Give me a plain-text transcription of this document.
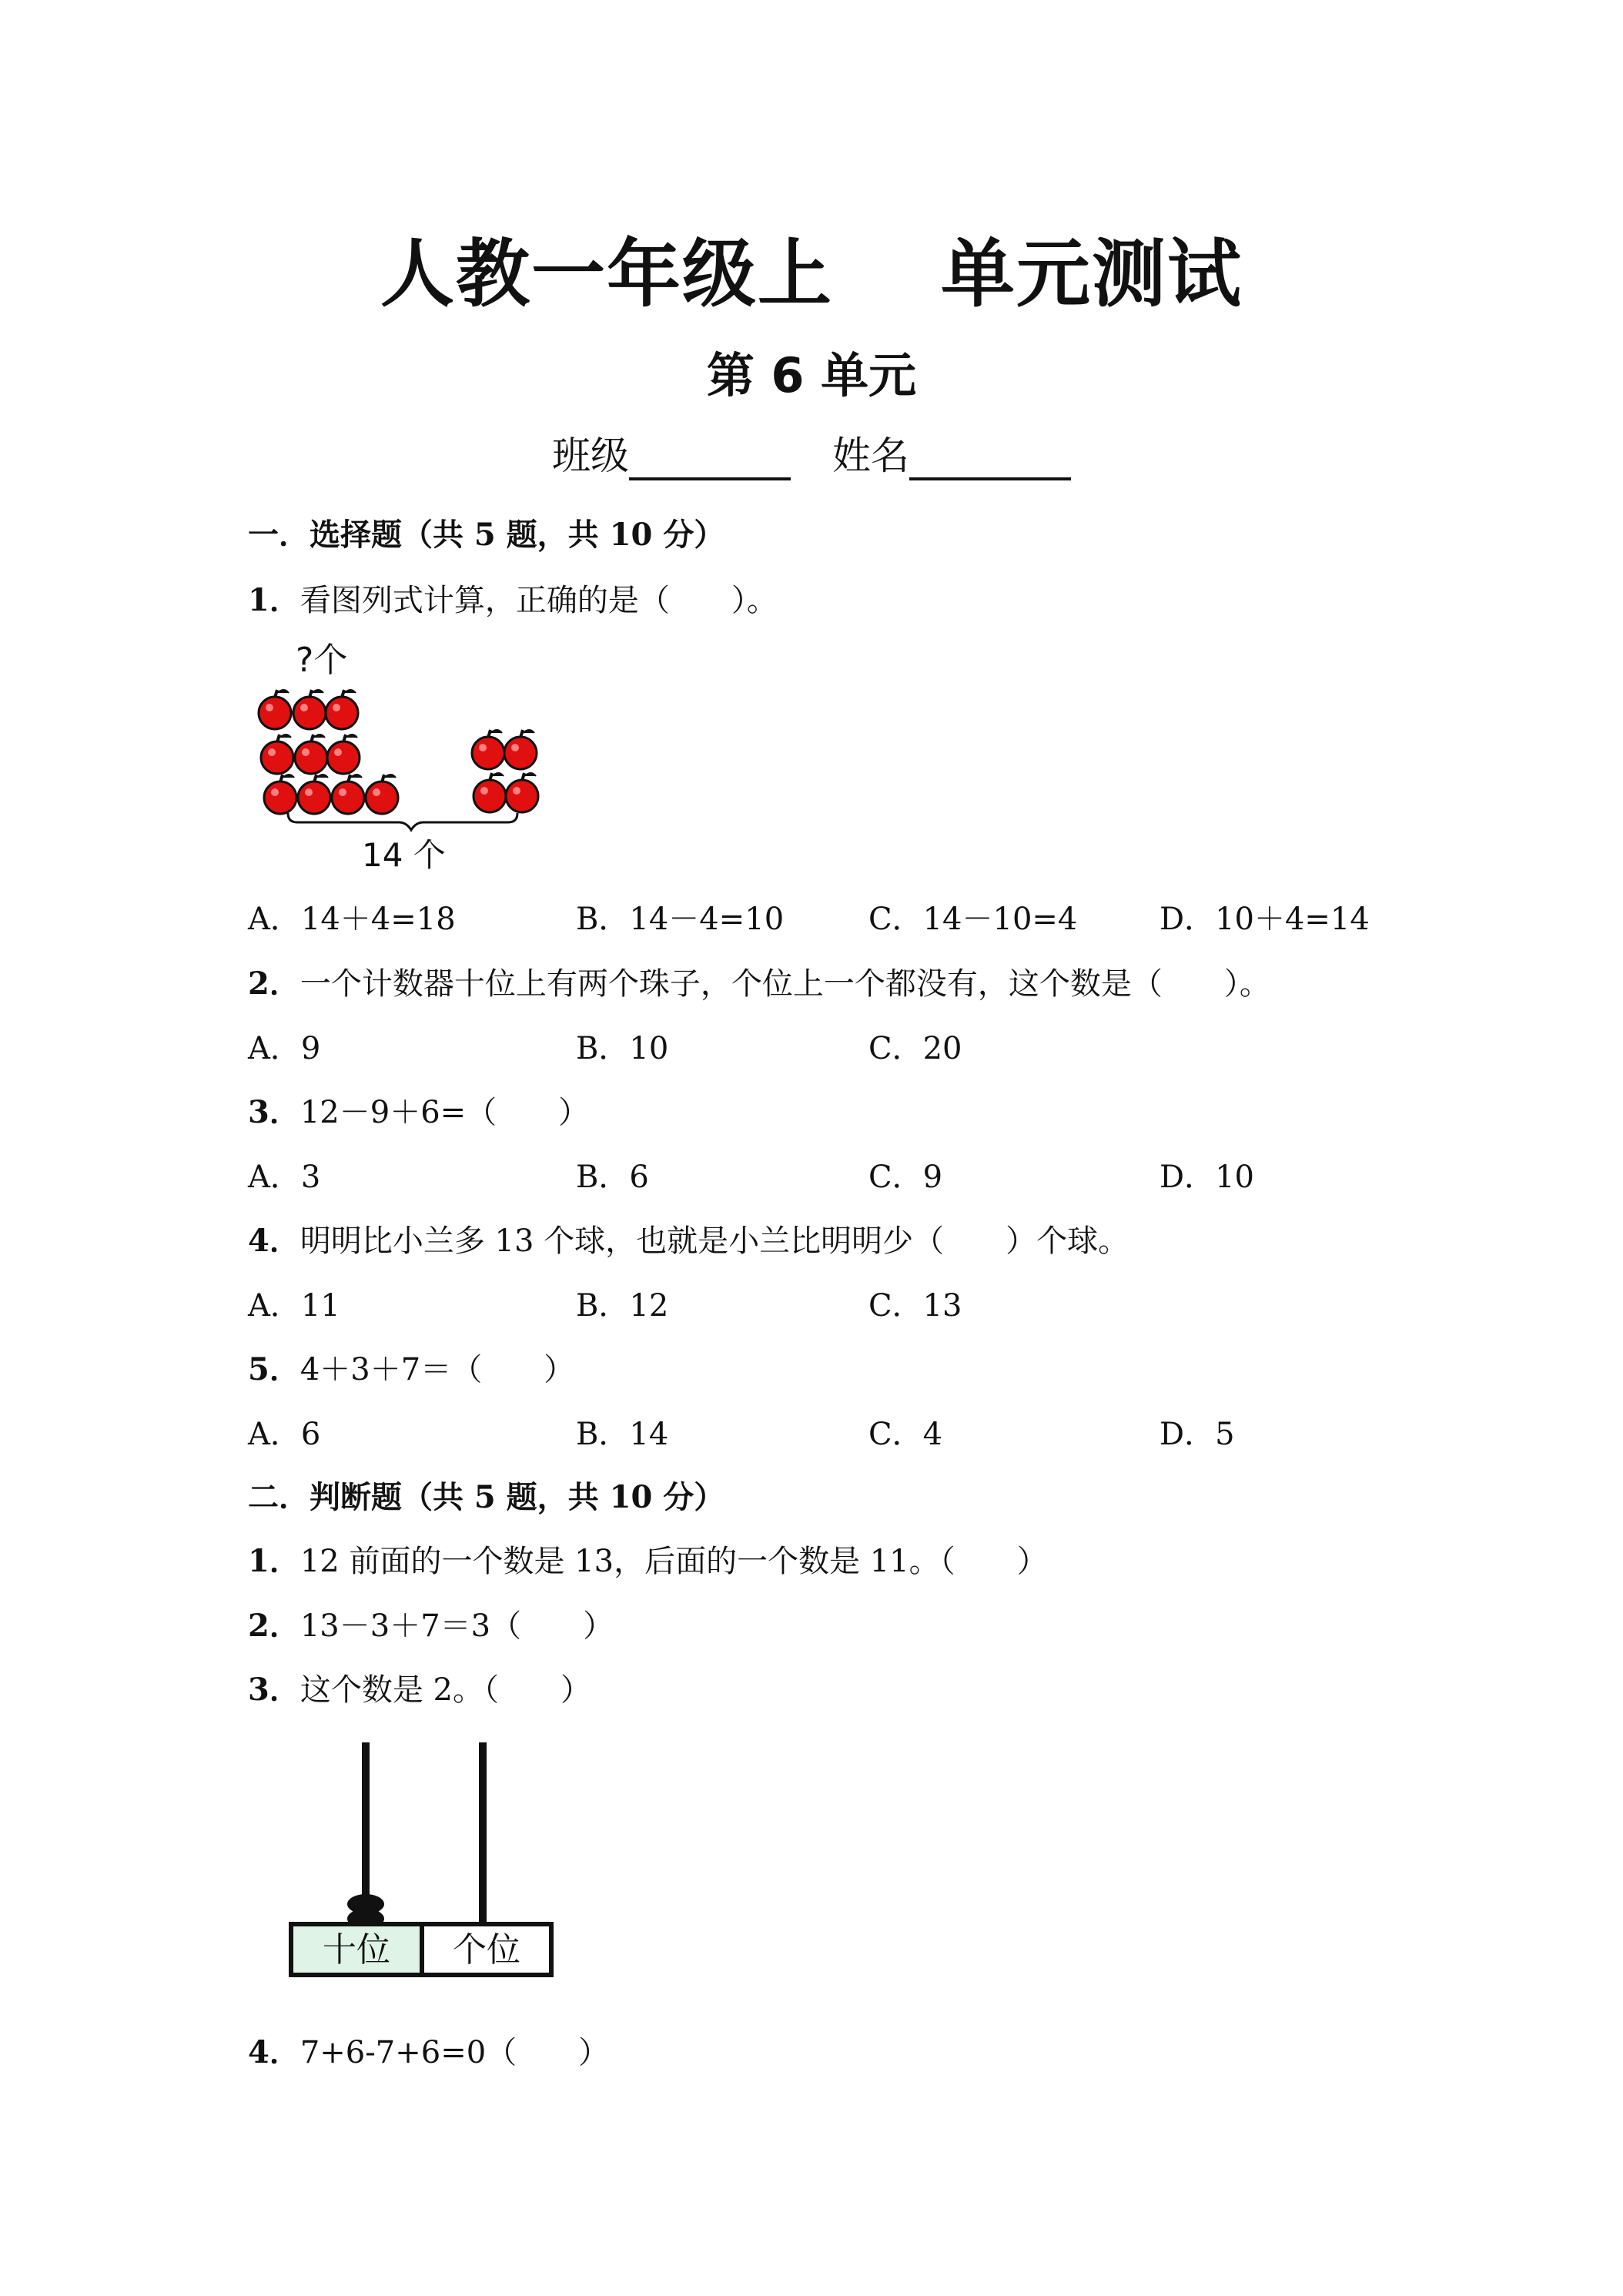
人教一年级上 单元测试
第 6 单元
班级	姓名
一．选择题（共 5 题，共 10 分）
1．看图列式计算，正确的是（　　）。
?个
14 个
A．14＋4=18	B．14－4=10	C．14－10=4	D．10＋4=14
2．一个计数器十位上有两个珠子，个位上一个都没有，这个数是（　　）。
A．9	B．10	C．20
3．12－9＋6=（　　）
A．3	B．6	C．9	D．10
4．明明比小兰多 13 个球，也就是小兰比明明少（　　）个球。
A．11	B．12	C．13
5．4＋3＋7＝（　　）
A．6	B．14	C．4	D．5
二．判断题（共 5 题，共 10 分）
1．12 前面的一个数是 13，后面的一个数是 11。（　　）
2．13－3＋7＝3（　　）
3．这个数是 2。（　　）
十位 个位
4．7+6-7+6=0（　　）
